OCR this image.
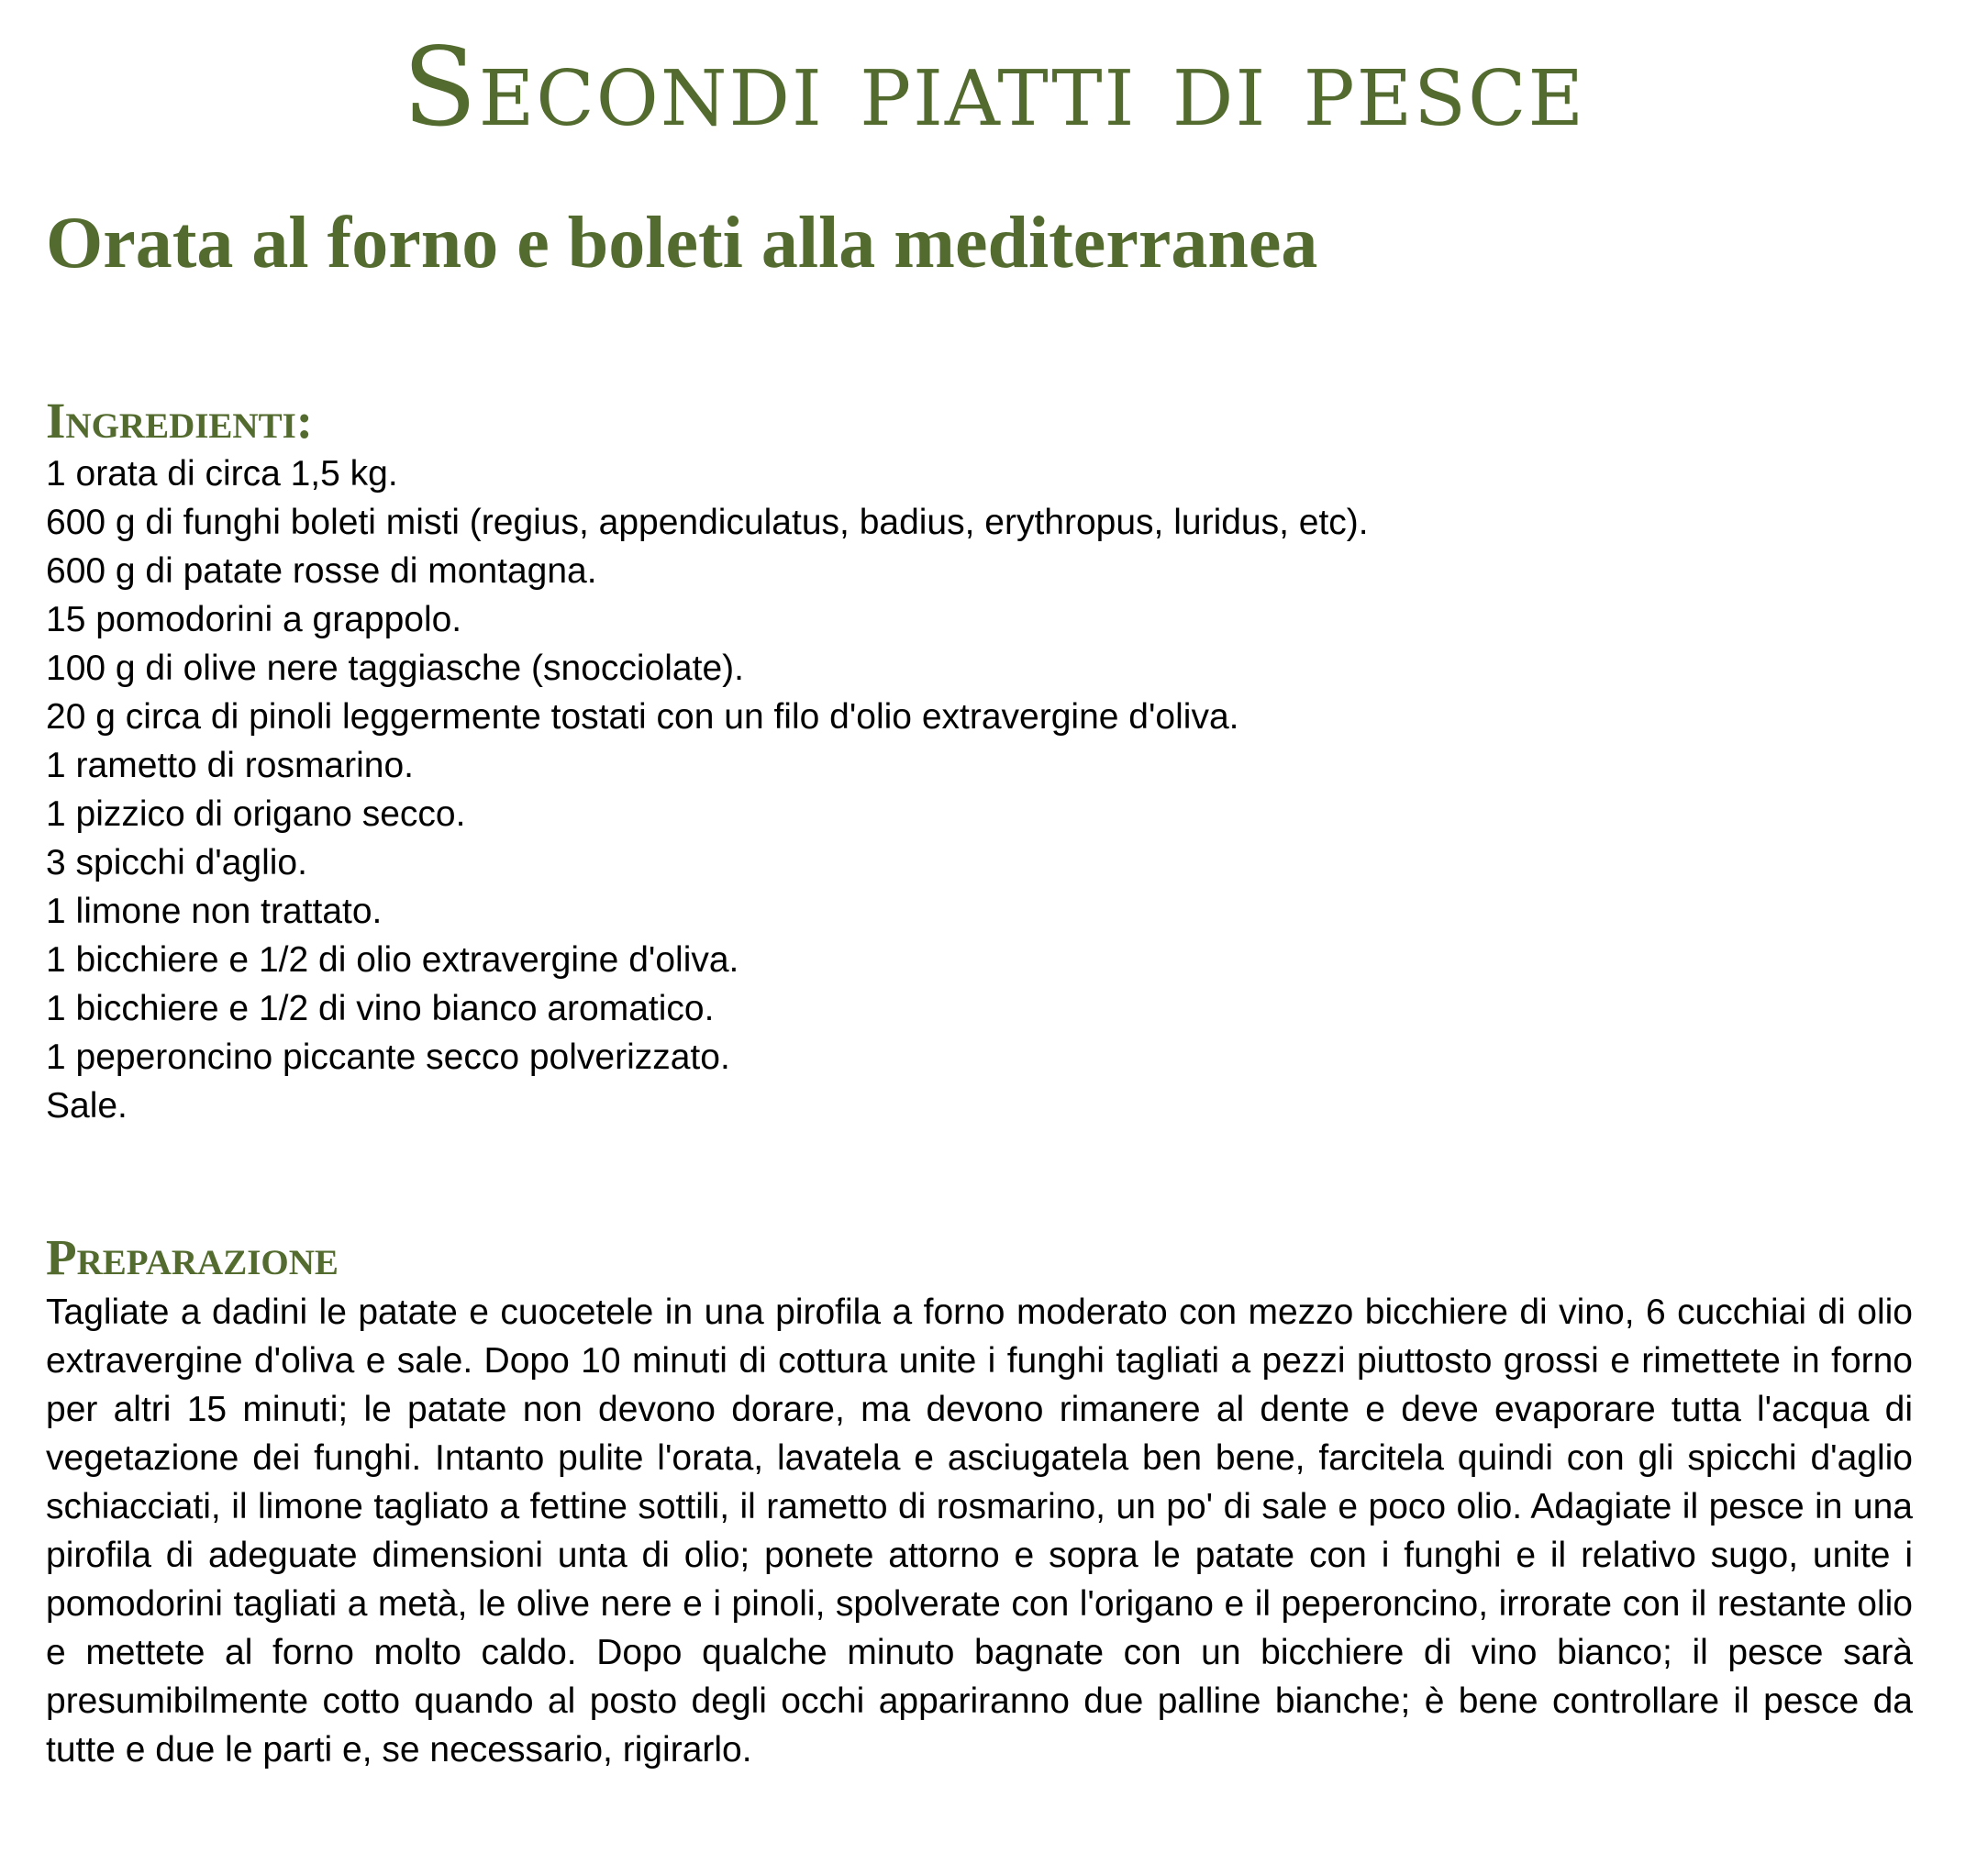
Secondi piatti di pesce
Orata al forno e boleti alla mediterranea
Ingredienti:
1 orata di circa 1,5 kg.
600 g di funghi boleti misti (regius, appendiculatus, badius, erythropus, luridus, etc).
600 g di patate rosse di montagna.
15 pomodorini a grappolo.
100 g di olive nere taggiasche (snocciolate).
20 g circa di pinoli leggermente tostati con un filo d'olio extravergine d'oliva.
1 rametto di rosmarino.
1 pizzico di origano secco.
3 spicchi d'aglio.
1 limone non trattato.
1 bicchiere e 1/2 di olio extravergine d'oliva.
1 bicchiere e 1/2 di vino bianco aromatico.
1 peperoncino piccante secco polverizzato.
Sale.
Preparazione

Tagliate a dadini le patate e cuocetele in una pirofila a forno moderato con mezzo bicchiere di vino, 6 cucchiai di olio extravergine d'oliva e sale. Dopo 10 minuti di cottura unite i funghi tagliati a pezzi piuttosto grossi e rimettete in forno per altri 15 minuti; le patate non devono dorare, ma devono rimanere al dente e deve evaporare tutta l'acqua di vegetazione dei funghi. Intanto pulite l'orata, lavatela e asciugatela ben bene, farcitela quindi con gli spicchi d'aglio schiacciati, il limone tagliato a fettine sottili, il rametto di rosmarino, un po' di sale e poco olio. Adagiate il pesce in una pirofila di adeguate dimensioni unta di olio; ponete attorno e sopra le patate con i funghi e il relativo sugo, unite i pomodorini tagliati a metà, le olive nere e i pinoli, spolverate con l'origano e il peperoncino, irrorate con il restante olio e mettete al forno molto caldo. Dopo qualche minuto bagnate con un bicchiere di vino bianco; il pesce sarà presumibilmente cotto quando al posto degli occhi appariranno due palline bianche; è bene controllare il pesce da tutte e due le parti e, se necessario, rigirarlo.
